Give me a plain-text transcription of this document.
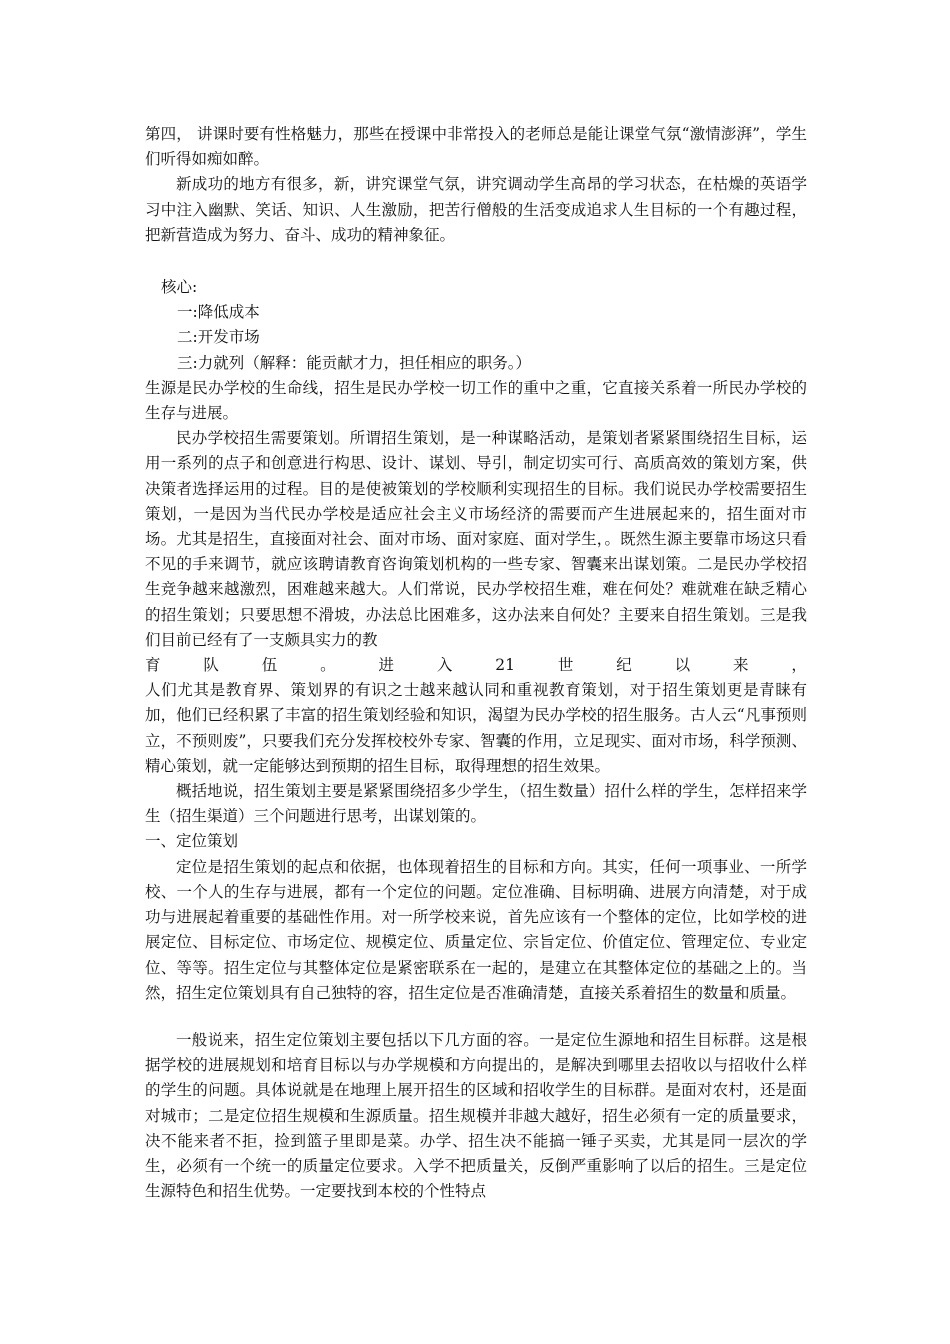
第四， 讲课时要有性格魅力，那些在授课中非常投入的老师总是能让课堂气氛“激情澎湃”，学生们听得如痴如醉。

新成功的地方有很多，新，讲究课堂气氛，讲究调动学生高昂的学习状态，在枯燥的英语学习中注入幽默、笑话、知识、人生激励，把苦行僧般的生活变成追求人生目标的一个有趣过程，把新营造成为努力、奋斗、成功的精神象征。

核心:

一:降低成本

二:开发市场

三:力就列（解释：能贡献才力，担任相应的职务。）

生源是民办学校的生命线，招生是民办学校一切工作的重中之重，它直接关系着一所民办学校的生存与进展。

民办学校招生需要策划。所谓招生策划，是一种谋略活动，是策划者紧紧围绕招生目标，运用一系列的点子和创意进行构思、设计、谋划、导引，制定切实可行、高质高效的策划方案，供决策者选择运用的过程。目的是使被策划的学校顺利实现招生的目标。我们说民办学校需要招生策划，一是因为当代民办学校是适应社会主义市场经济的需要而产生进展起来的，招生面对市场。尤其是招生，直接面对社会、面对市场、面对家庭、面对学生，。既然生源主要靠市场这只看不见的手来调节，就应该聘请教育咨询策划机构的一些专家、智囊来出谋划策。二是民办学校招生竞争越来越激烈，困难越来越大。人们常说，民办学校招生难，难在何处？难就难在缺乏精心的招生策划；只要思想不滑坡，办法总比困难多，这办法来自何处？主要来自招生策划。三是我们目前已经有了一支颇具实力的教

育	队	伍	。	进	入	21	世	纪	以	来	，

人们尤其是教育界、策划界的有识之士越来越认同和重视教育策划，对于招生策划更是青睐有加，他们已经积累了丰富的招生策划经验和知识，渴望为民办学校的招生服务。古人云“凡事预则立，不预则废”，只要我们充分发挥校校外专家、智囊的作用，立足现实、面对市场，科学预测、精心策划，就一定能够达到预期的招生目标，取得理想的招生效果。

概括地说，招生策划主要是紧紧围绕招多少学生，（招生数量）招什么样的学生，怎样招来学生（招生渠道）三个问题进行思考，出谋划策的。

一、定位策划

定位是招生策划的起点和依据，也体现着招生的目标和方向。其实，任何一项事业、一所学校、一个人的生存与进展，都有一个定位的问题。定位准确、目标明确、进展方向清楚，对于成功与进展起着重要的基础性作用。对一所学校来说，首先应该有一个整体的定位，比如学校的进展定位、目标定位、市场定位、规模定位、质量定位、宗旨定位、价值定位、管理定位、专业定位、等等。招生定位与其整体定位是紧密联系在一起的，是建立在其整体定位的基础之上的。当然，招生定位策划具有自己独特的容，招生定位是否准确清楚，直接关系着招生的数量和质量。

一般说来，招生定位策划主要包括以下几方面的容。一是定位生源地和招生目标群。这是根据学校的进展规划和培育目标以与办学规模和方向提出的，是解决到哪里去招收以与招收什么样的学生的问题。具体说就是在地理上展开招生的区域和招收学生的目标群。是面对农村，还是面对城市；二是定位招生规模和生源质量。招生规模并非越大越好，招生必须有一定的质量要求，决不能来者不拒，捡到篮子里即是菜。办学、招生决不能搞一锤子买卖，尤其是同一层次的学生，必须有一个统一的质量定位要求。入学不把质量关，反倒严重影响了以后的招生。三是定位生源特色和招生优势。一定要找到本校的个性特点
